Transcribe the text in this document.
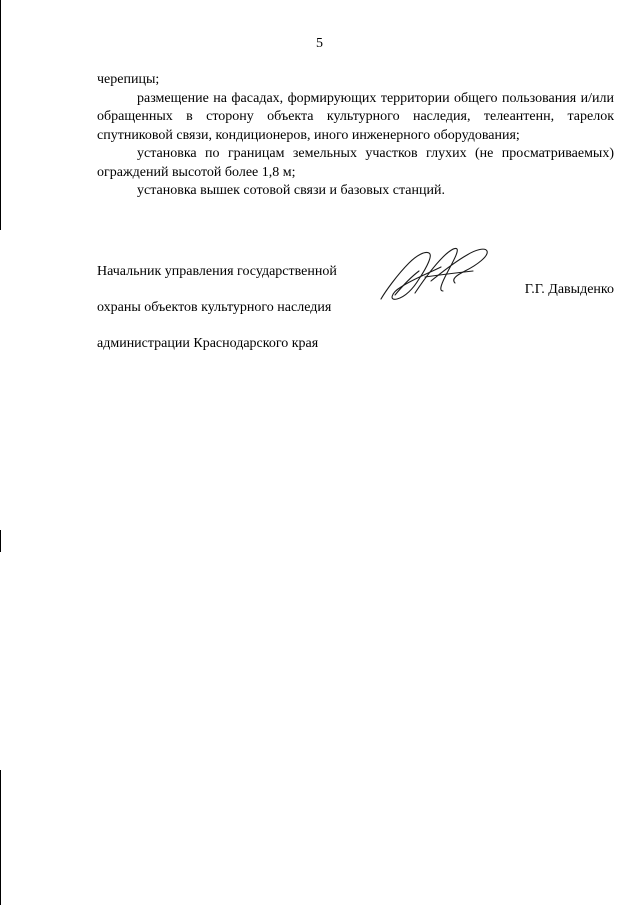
5

черепицы;

размещение на фасадах, формирующих территории общего пользования и/или обращенных в сторону объекта культурного наследия, телеантенн, тарелок спутниковой связи, кондиционеров, иного инженерного оборудования;

установка по границам земельных участков глухих (не просматриваемых) ограждений высотой более 1,8 м;

установка вышек сотовой связи и базовых станций.

Начальник управления государственной

охраны объектов культурного наследия

администрации Краснодарского края

Г.Г. Давыденко
